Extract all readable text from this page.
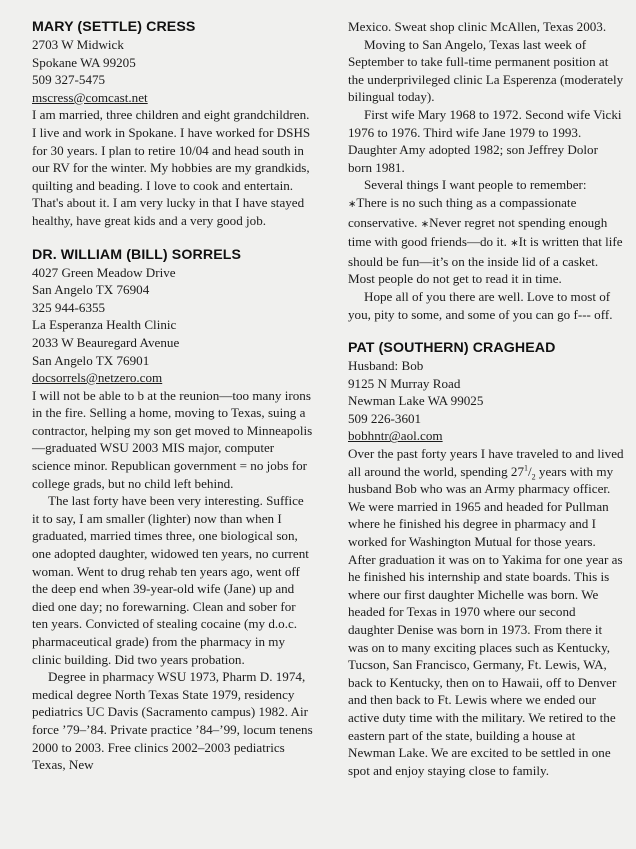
MARY (SETTLE) CRESS
2703 W Midwick
Spokane WA 99205
509 327-5475
mscress@comcast.net

I am married, three children and eight grandchildren. I live and work in Spokane. I have worked for DSHS for 30 years. I plan to retire 10/04 and head south in our RV for the winter. My hobbies are my grandkids, quilting and beading. I love to cook and entertain. That's about it. I am very lucky in that I have stayed healthy, have great kids and a very good job.

DR. WILLIAM (BILL) SORRELS
4027 Green Meadow Drive
San Angelo TX 76904
325 944-6355
La Esperanza Health Clinic
2033 W Beauregard Avenue
San Angelo TX 76901
docsorrels@netzero.com

I will not be able to b at the reunion—too many irons in the fire. Selling a home, moving to Texas, suing a contractor, helping my son get moved to Minneapolis—graduated WSU 2003 MIS major, computer science minor. Republican government = no jobs for college grads, but no child left behind.

The last forty have been very interesting. Suffice it to say, I am smaller (lighter) now than when I graduated, married times three, one biological son, one adopted daughter, widowed ten years, no current woman. Went to drug rehab ten years ago, went off the deep end when 39-year-old wife (Jane) up and died one day; no forewarning. Clean and sober for ten years. Convicted of stealing cocaine (my d.o.c. pharmaceutical grade) from the pharmacy in my clinic building. Did two years probation.

Degree in pharmacy WSU 1973, Pharm D. 1974, medical degree North Texas State 1979, residency pediatrics UC Davis (Sacramento campus) 1982. Air force ’79–’84. Private practice ’84–’99, locum tenens 2000 to 2003. Free clinics 2002–2003 pediatrics Texas, New

Mexico. Sweat shop clinic McAllen, Texas 2003.

Moving to San Angelo, Texas last week of September to take full-time permanent position at the underprivileged clinic La Esperenza (moderately bilingual today).

First wife Mary 1968 to 1972. Second wife Vicki 1976 to 1976. Third wife Jane 1979 to 1993. Daughter Amy adopted 1982; son Jeffrey Dolor born 1981.

Several things I want people to remember:
∗There is no such thing as a compassionate conservative. ∗Never regret not spending enough time with good friends—do it. ∗It is written that life should be fun—it’s on the inside lid of a casket. Most people do not get to read it in time.

Hope all of you there are well. Love to most of you, pity to some, and some of you can go f--- off.

PAT (SOUTHERN) CRAGHEAD
Husband: Bob
9125 N Murray Road
Newman Lake WA 99025
509 226-3601
bobhntr@aol.com

Over the past forty years I have traveled to and lived all around the world, spending $27^1/_2$ years with my husband Bob who was an Army pharmacy officer. We were married in 1965 and headed for Pullman where he finished his degree in pharmacy and I worked for Washington Mutual for those years. After graduation it was on to Yakima for one year as he finished his internship and state boards. This is where our first daughter Michelle was born. We headed for Texas in 1970 where our second daughter Denise was born in 1973. From there it was on to many exciting places such as Kentucky, Tucson, San Francisco, Germany, Ft. Lewis, WA, back to Kentucky, then on to Hawaii, off to Denver and then back to Ft. Lewis where we ended our active duty time with the military. We retired to the eastern part of the state, building a house at Newman Lake. We are excited to be settled in one spot and enjoy staying close to family.
